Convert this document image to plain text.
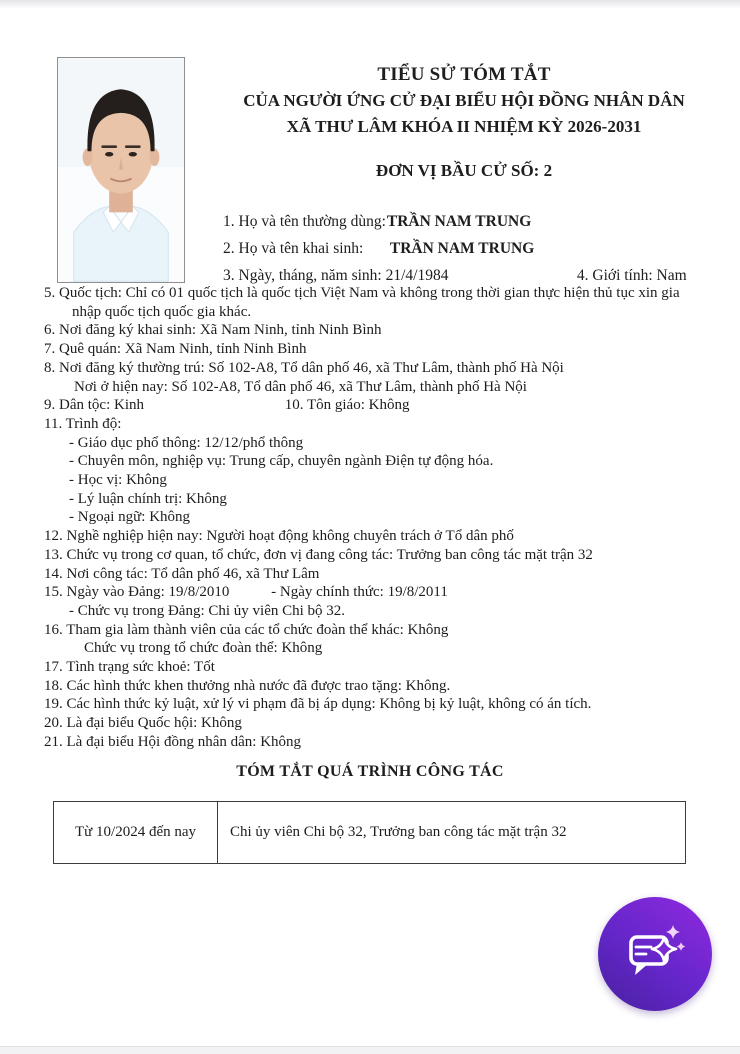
TIỂU SỬ TÓM TẮT
CỦA NGƯỜI ỨNG CỬ ĐẠI BIỂU HỘI ĐỒNG NHÂN DÂN
XÃ THƯ LÂM KHÓA II NHIỆM KỲ 2026-2031
ĐƠN VỊ BẦU CỬ SỐ: 2
1. Họ và tên thường dùng: TRẦN NAM TRUNG
2. Họ và tên khai sinh: TRẦN NAM TRUNG
3. Ngày, tháng, năm sinh: 21/4/1984	4. Giới tính: Nam

5. Quốc tịch: Chỉ có 01 quốc tịch là quốc tịch Việt Nam và không trong thời gian thực hiện thủ tục xin gia nhập quốc tịch quốc gia khác.

6. Nơi đăng ký khai sinh: Xã Nam Ninh, tỉnh Ninh Bình

7. Quê quán: Xã Nam Ninh, tỉnh Ninh Bình

8. Nơi đăng ký thường trú: Số 102-A8, Tổ dân phố 46, xã Thư Lâm, thành phố Hà Nội

Nơi ở hiện nay: Số 102-A8, Tổ dân phố 46, xã Thư Lâm, thành phố Hà Nội

9. Dân tộc: Kinh	10. Tôn giáo: Không

11. Trình độ:

- Giáo dục phổ thông: 12/12/phổ thông

- Chuyên môn, nghiệp vụ: Trung cấp, chuyên ngành Điện tự động hóa.

- Học vị: Không

- Lý luận chính trị: Không

- Ngoại ngữ: Không

12. Nghề nghiệp hiện nay: Người hoạt động không chuyên trách ở Tổ dân phố

13. Chức vụ trong cơ quan, tổ chức, đơn vị đang công tác: Trưởng ban công tác mặt trận 32

14. Nơi công tác: Tổ dân phố 46, xã Thư Lâm

15. Ngày vào Đảng: 19/8/2010	- Ngày chính thức: 19/8/2011

- Chức vụ trong Đảng: Chi ủy viên Chi bộ 32.

16. Tham gia làm thành viên của các tổ chức đoàn thể khác: Không

Chức vụ trong tổ chức đoàn thể: Không

17. Tình trạng sức khoẻ: Tốt

18. Các hình thức khen thưởng nhà nước đã được trao tặng: Không.

19. Các hình thức kỷ luật, xử lý vi phạm đã bị áp dụng: Không bị kỷ luật, không có án tích.

20. Là đại biểu Quốc hội: Không

21. Là đại biểu Hội đồng nhân dân: Không

TÓM TẮT QUÁ TRÌNH CÔNG TÁC
Từ 10/2024 đến nay	Chi ủy viên Chi bộ 32, Trưởng ban công tác mặt trận 32
